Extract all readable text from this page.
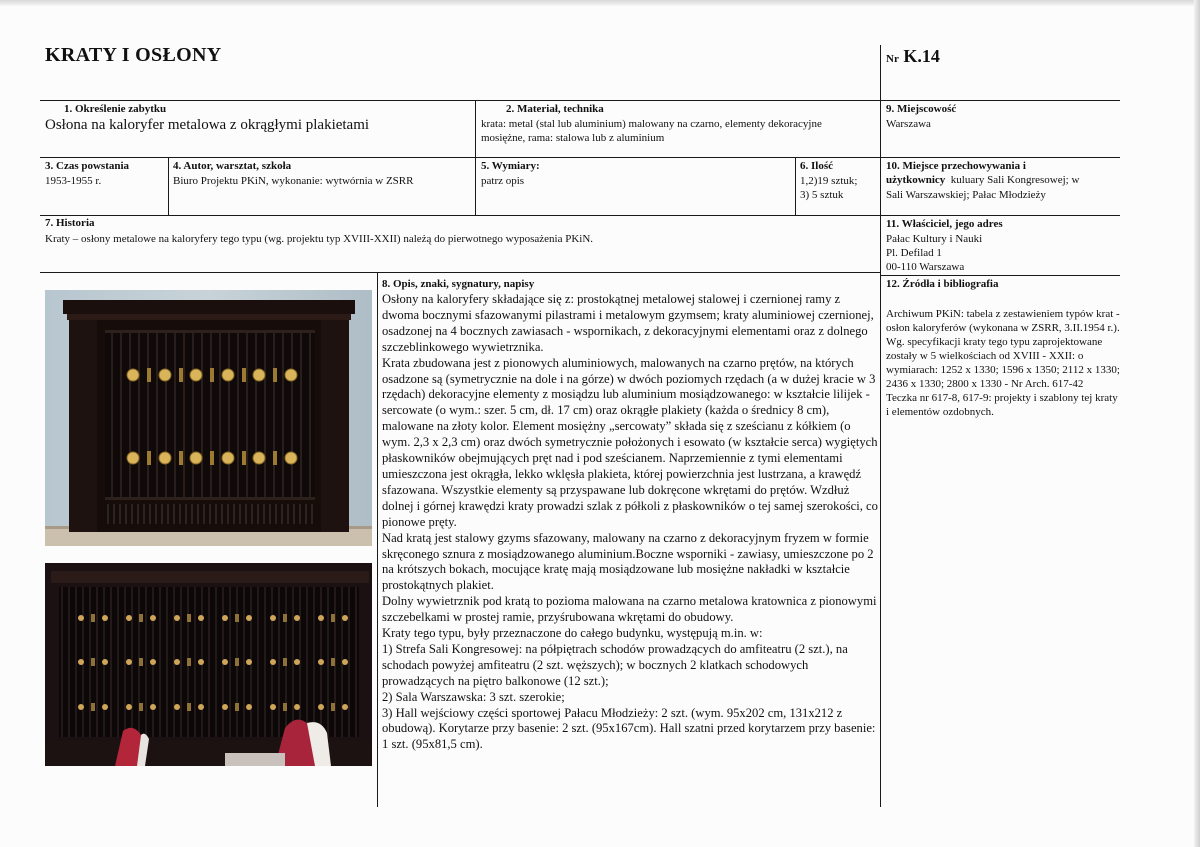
KRATY I OSŁONY	Nr K.14
1. Określenie zabytku
Osłona na kaloryfer metalowa z okrągłymi plakietami
2. Materiał, technika
krata: metal (stal lub aluminium) malowany na czarno, elementy dekoracyjne mosiężne, rama: stalowa lub z aluminium
9. Miejscowość
Warszawa
3. Czas powstania
1953-1955 r.
4. Autor, warsztat, szkoła
Biuro Projektu PKiN, wykonanie: wytwórnia w ZSRR
5. Wymiary:
patrz opis
6. Ilość
1,2)19 sztuk;
3) 5 sztuk
10. Miejsce przechowywania i
użytkownicy kuluary Sali Kongresowej; w
Sali Warszawskiej; Pałac Młodzieży
7. Historia
Kraty – osłony metalowe na kaloryfery tego typu (wg. projektu typ XVIII-XXII) należą do pierwotnego wyposażenia PKiN.
11. Właściciel, jego adres
Pałac Kultury i Nauki
Pl. Defilad 1
00-110 Warszawa
12. Źródła i bibliografia

Archiwum PKiN: tabela z zestawieniem typów krat - osłon kaloryferów (wykonana w ZSRR, 3.II.1954 r.). Wg. specyfikacji kraty tego typu zaprojektowane zostały w 5 wielkościach od XVIII - XXII: o wymiarach: 1252 x 1330; 1596 x 1350; 2112 x 1330; 2436 x 1330; 2800 x 1330 - Nr Arch. 617-42

Teczka nr 617-8, 617-9: projekty i szablony tej kraty i elementów ozdobnych.

8. Opis, znaki, sygnatury, napisy

Osłony na kaloryfery składające się z: prostokątnej metalowej stalowej i czernionej ramy z dwoma bocznymi sfazowanymi pilastrami i metalowym gzymsem; kraty aluminiowej czernionej, osadzonej na 4 bocznych zawiasach - wspornikach, z dekoracyjnymi elementami oraz z dolnego szczeblinkowego wywietrznika.

Krata zbudowana jest z pionowych aluminiowych, malowanych na czarno prętów, na których osadzone są (symetrycznie na dole i na górze) w dwóch poziomych rzędach (a w dużej kracie w 3 rzędach) dekoracyjne elementy z mosiądzu lub aluminium mosiądzowanego: w kształcie lilijek - sercowate (o wym.: szer. 5 cm, dł. 17 cm) oraz okrągłe plakiety (każda o średnicy 8 cm), malowane na złoty kolor. Element mosiężny „sercowaty” składa się z sześcianu z kółkiem (o wym. 2,3 x 2,3 cm) oraz dwóch symetrycznie położonych i esowato (w kształcie serca) wygiętych płaskowników obejmujących pręt nad i pod sześcianem. Naprzemiennie z tymi elementami umieszczona jest okrągła, lekko wklęsła plakieta, której powierzchnia jest lustrzana, a krawędź sfazowana. Wszystkie elementy są przyspawane lub dokręcone wkrętami do prętów. Wzdłuż dolnej i górnej krawędzi kraty prowadzi szlak z półkoli z płaskowników o tej samej szerokości, co pionowe pręty.

Nad kratą jest stalowy gzyms sfazowany, malowany na czarno z dekoracyjnym fryzem w formie skręconego sznura z mosiądzowanego aluminium.Boczne wsporniki - zawiasy, umieszczone po 2 na krótszych bokach, mocujące kratę mają mosiądzowane lub mosiężne nakładki w kształcie prostokątnych plakiet.

Dolny wywietrznik pod kratą to pozioma malowana na czarno metalowa kratownica z pionowymi szczebelkami w prostej ramie, przyśrubowana wkrętami do obudowy.

Kraty tego typu, były przeznaczone do całego budynku, występują m.in. w:

1) Strefa Sali Kongresowej: na półpiętrach schodów prowadzących do amfiteatru (2 szt.), na schodach powyżej amfiteatru (2 szt. węższych); w bocznych 2 klatkach schodowych prowadzących na piętro balkonowe (12 szt.);

2) Sala Warszawska: 3 szt. szerokie;

3) Hall wejściowy części sportowej Pałacu Młodzieży: 2 szt. (wym. 95x202 cm, 131x212 z obudową). Korytarze przy basenie: 2 szt. (95x167cm). Hall szatni przed korytarzem przy basenie: 1 szt. (95x81,5 cm).
